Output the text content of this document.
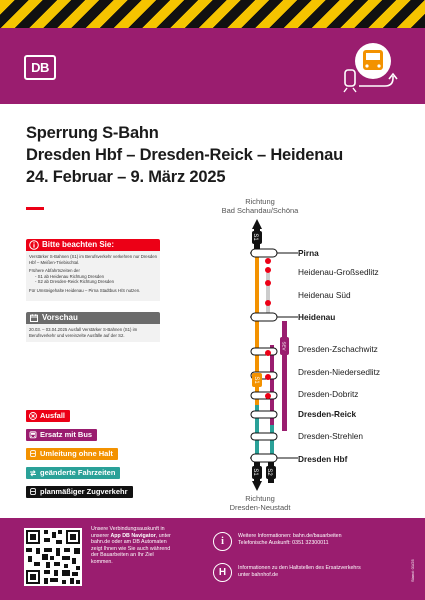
DB
Sperrung S-Bahn
Dresden Hbf – Dresden-Reick – Heidenau
24. Februar – 9. März 2025
Bitte beachten Sie:

Verstärker S-Bahnen (S1) im Berufsverkehr verkehren nur Dresden Hbf – Meißen-Triebischtal.

Frühere Abfahrtszeiten der

- S1 ab Heidenau Richtung Dresden

- S2 ab Dresden-Reick Richtung Dresden

Für Umsteigehalte Heidenau – Pirna Stadtbus H/S nutzen.

Vorschau

20.03. – 03.04.2025 Ausfall Verstärker S-Bahnen (S1) im Berufsverkehr und vereinzelte Ausfälle auf der S2.

Ausfall
Ersatz mit Bus
Umleitung ohne Halt
geänderte Fahrzeiten
planmäßiger Zugverkehr
Richtung
Bad Schandau/Schöna
Richtung
Dresden-Neustadt
S1
S1
SEV
S1 S2
Pirna
Heidenau-Großsedlitz
Heidenau Süd
Heidenau
Dresden-Zschachwitz
Dresden-Niedersedlitz
Dresden-Dobritz
Dresden-Reick
Dresden-Strehlen
Dresden Hbf
Unsere Verbindungsauskunft in
unserer App DB Navigator, unter
bahn.de oder am DB Automaten
zeigt Ihnen wie Sie auch während
der Bauarbeiten an Ihr Ziel
kommen.
i	Weitere Informationen: bahn.de/bauarbeiten
Telefonische Auskunft: 0351 32300011
H	Informationen zu den Haltstellen des Ersatzverkehrs
unter bahnhof.de	Stand: 01/25
